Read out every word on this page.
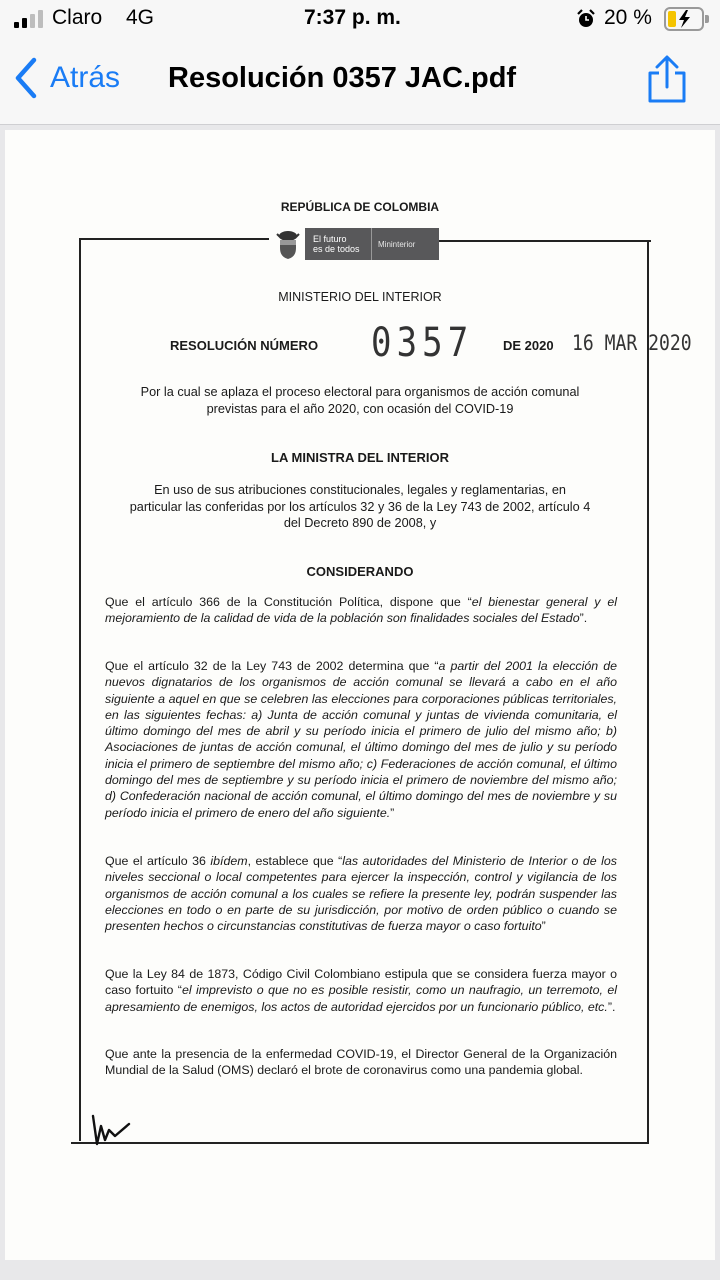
Claro 4G	7:37 p. m.	20 %
Atrás Resolución 0357 JAC.pdf
REPÚBLICA DE COLOMBIA
El futuro
es de todos	Mininterior
MINISTERIO DEL INTERIOR
RESOLUCIÓN NÚMERO 0357 DE 2020 16 MAR 2020
Por la cual se aplaza el proceso electoral para organismos de acción comunal
previstas para el año 2020, con ocasión del COVID-19
LA MINISTRA DEL INTERIOR
En uso de sus atribuciones constitucionales, legales y reglamentarias, en
particular las conferidas por los artículos 32 y 36 de la Ley 743 de 2002, artículo 4
del Decreto 890 de 2008, y
CONSIDERANDO

Que el artículo 366 de la Constitución Política, dispone que “el bienestar general y el mejoramiento de la calidad de vida de la población son finalidades sociales del Estado”.

Que el artículo 32 de la Ley 743 de 2002 determina que “a partir del 2001 la elección de nuevos dignatarios de los organismos de acción comunal se llevará a cabo en el año siguiente a aquel en que se celebren las elecciones para corporaciones públicas territoriales, en las siguientes fechas: a) Junta de acción comunal y juntas de vivienda comunitaria, el último domingo del mes de abril y su período inicia el primero de julio del mismo año; b) Asociaciones de juntas de acción comunal, el último domingo del mes de julio y su período inicia el primero de septiembre del mismo año; c) Federaciones de acción comunal, el último domingo del mes de septiembre y su período inicia el primero de noviembre del mismo año; d) Confederación nacional de acción comunal, el último domingo del mes de noviembre y su período inicia el primero de enero del año siguiente.”

Que el artículo 36 ibídem, establece que “las autoridades del Ministerio de Interior o de los niveles seccional o local competentes para ejercer la inspección, control y vigilancia de los organismos de acción comunal a los cuales se refiere la presente ley, podrán suspender las elecciones en todo o en parte de su jurisdicción, por motivo de orden público o cuando se presenten hechos o circunstancias constitutivas de fuerza mayor o caso fortuito”

Que la Ley 84 de 1873, Código Civil Colombiano estipula que se considera fuerza mayor o caso fortuito “el imprevisto o que no es posible resistir, como un naufragio, un terremoto, el apresamiento de enemigos, los actos de autoridad ejercidos por un funcionario público, etc.”.

Que ante la presencia de la enfermedad COVID-19, el Director General de la Organización Mundial de la Salud (OMS) declaró el brote de coronavirus como una pandemia global.
